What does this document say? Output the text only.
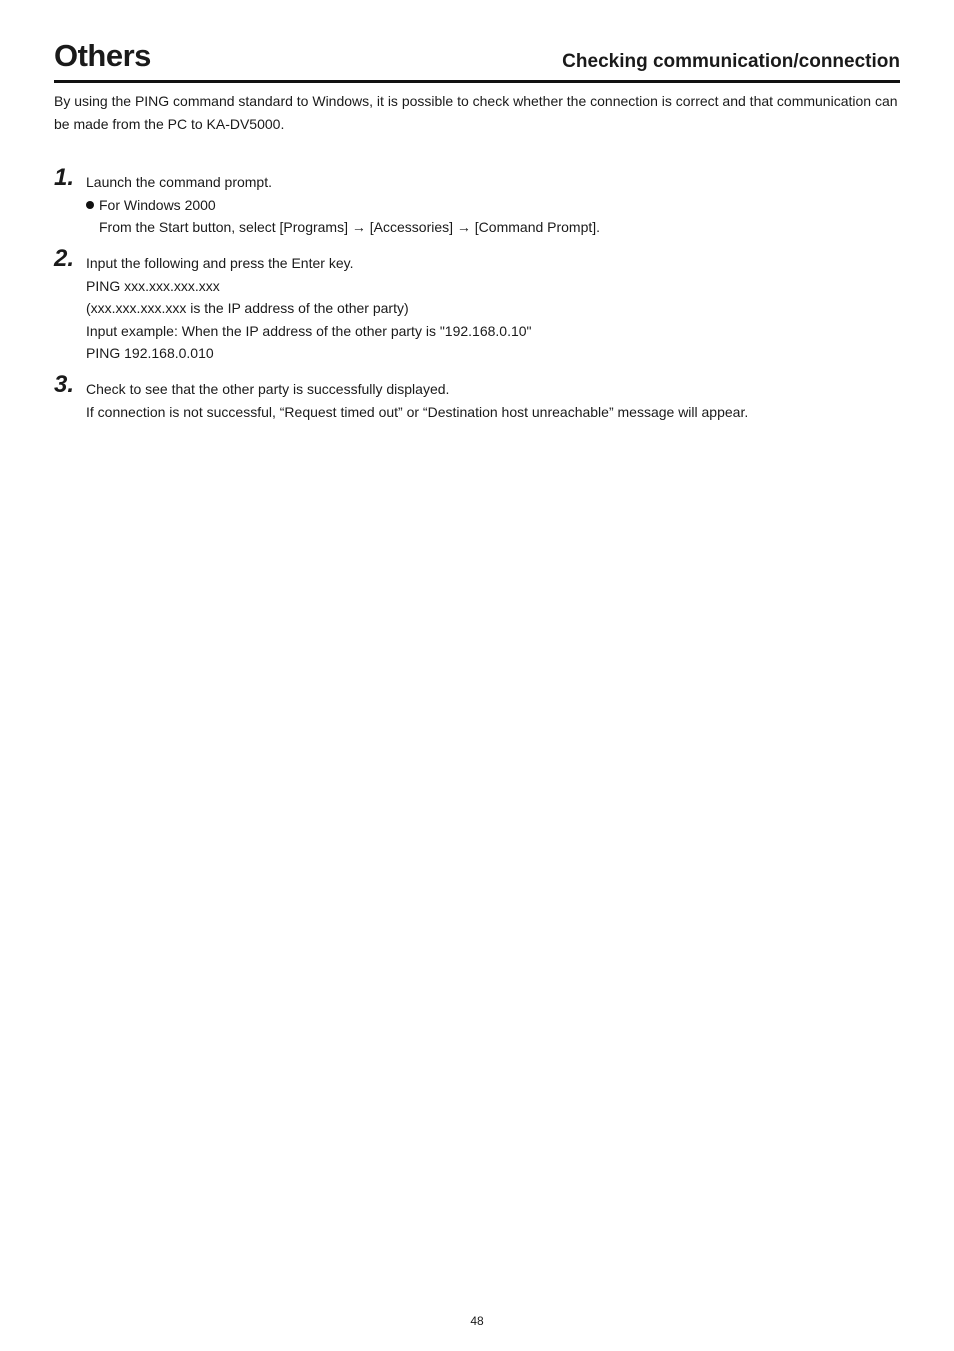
Others	Checking communication/connection
By using the PING command standard to Windows, it is possible to check whether the connection is correct and that communication can be made from the PC to KA-DV5000.
1. Launch the command prompt.
For Windows 2000
From the Start button, select [Programs] → [Accessories] → [Command Prompt].
2. Input the following and press the Enter key.
PING xxx.xxx.xxx.xxx
(xxx.xxx.xxx.xxx is the IP address of the other party)
Input example: When the IP address of the other party is "192.168.0.10"
PING 192.168.0.010
3. Check to see that the other party is successfully displayed.
If connection is not successful, “Request timed out” or “Destination host unreachable” message will appear.
48
